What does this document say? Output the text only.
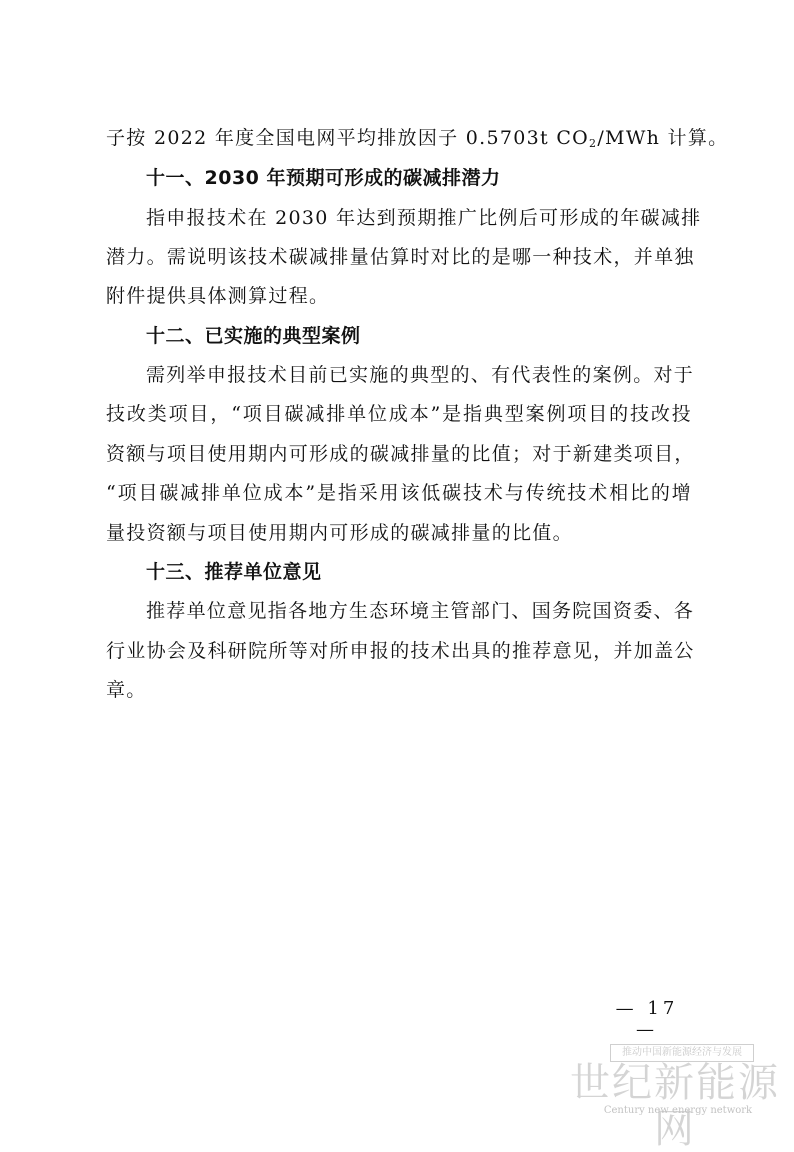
子按 2022 年度全国电网平均排放因子 0.5703t $CO_2$/MWh 计算。
十一、2030 年预期可形成的碳减排潜力
指申报技术在 2030 年达到预期推广比例后可形成的年碳减排
潜力。需说明该技术碳减排量估算时对比的是哪一种技术，并单独
附件提供具体测算过程。
十二、已实施的典型案例
需列举申报技术目前已实施的典型的、有代表性的案例。对于
技改类项目，“项目碳减排单位成本”是指典型案例项目的技改投
资额与项目使用期内可形成的碳减排量的比值；对于新建类项目，
“项目碳减排单位成本”是指采用该低碳技术与传统技术相比的增
量投资额与项目使用期内可形成的碳减排量的比值。
十三、推荐单位意见
推荐单位意见指各地方生态环境主管部门、国务院国资委、各
行业协会及科研院所等对所申报的技术出具的推荐意见，并加盖公
章。
— 17 —
推动中国新能源经济与发展
世纪新能源网
Century new energy network
